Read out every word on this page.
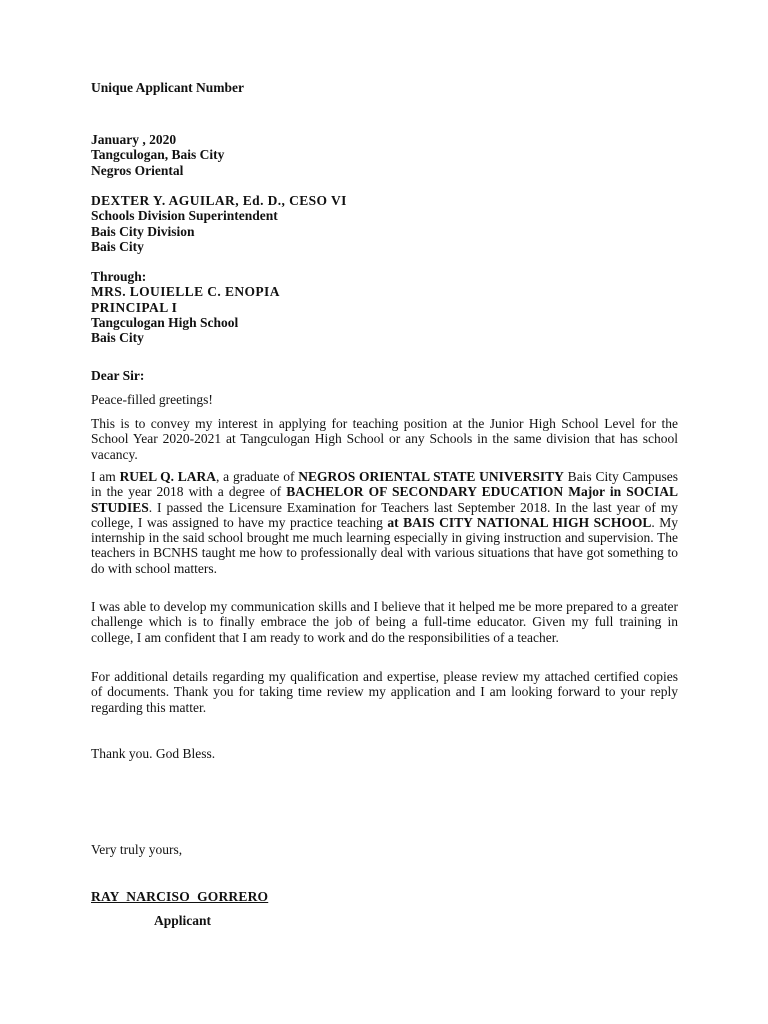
Unique Applicant Number
January , 2020
Tangculogan, Bais City
Negros Oriental
DEXTER Y. AGUILAR, Ed. D., CESO VI
Schools Division Superintendent
Bais City Division
Bais City
Through:
MRS. LOUIELLE C. ENOPIA
PRINCIPAL I
Tangculogan High School
Bais City
Dear Sir:
Peace-filled greetings!
This is to convey my interest in applying for teaching position at the Junior High School Level for the School Year 2020-2021 at Tangculogan High School or any Schools in the same division that has school vacancy.
I am RUEL Q. LARA, a graduate of NEGROS ORIENTAL STATE UNIVERSITY Bais City Campuses in the year 2018 with a degree of BACHELOR OF SECONDARY EDUCATION Major in SOCIAL STUDIES. I passed the Licensure Examination for Teachers last September 2018. In the last year of my college, I was assigned to have my practice teaching at BAIS CITY NATIONAL HIGH SCHOOL. My internship in the said school brought me much learning especially in giving instruction and supervision. The teachers in BCNHS taught me how to professionally deal with various situations that have got something to do with school matters.
I was able to develop my communication skills and I believe that it helped me be more prepared to a greater challenge which is to finally embrace the job of being a full-time educator. Given my full training in college, I am confident that I am ready to work and do the responsibilities of a teacher.
For additional details regarding my qualification and expertise, please review my attached certified copies of documents. Thank you for taking time review my application and I am looking forward to your reply regarding this matter.
Thank you. God Bless.
Very truly yours,
RAY  NARCISO  GORRERO
Applicant
